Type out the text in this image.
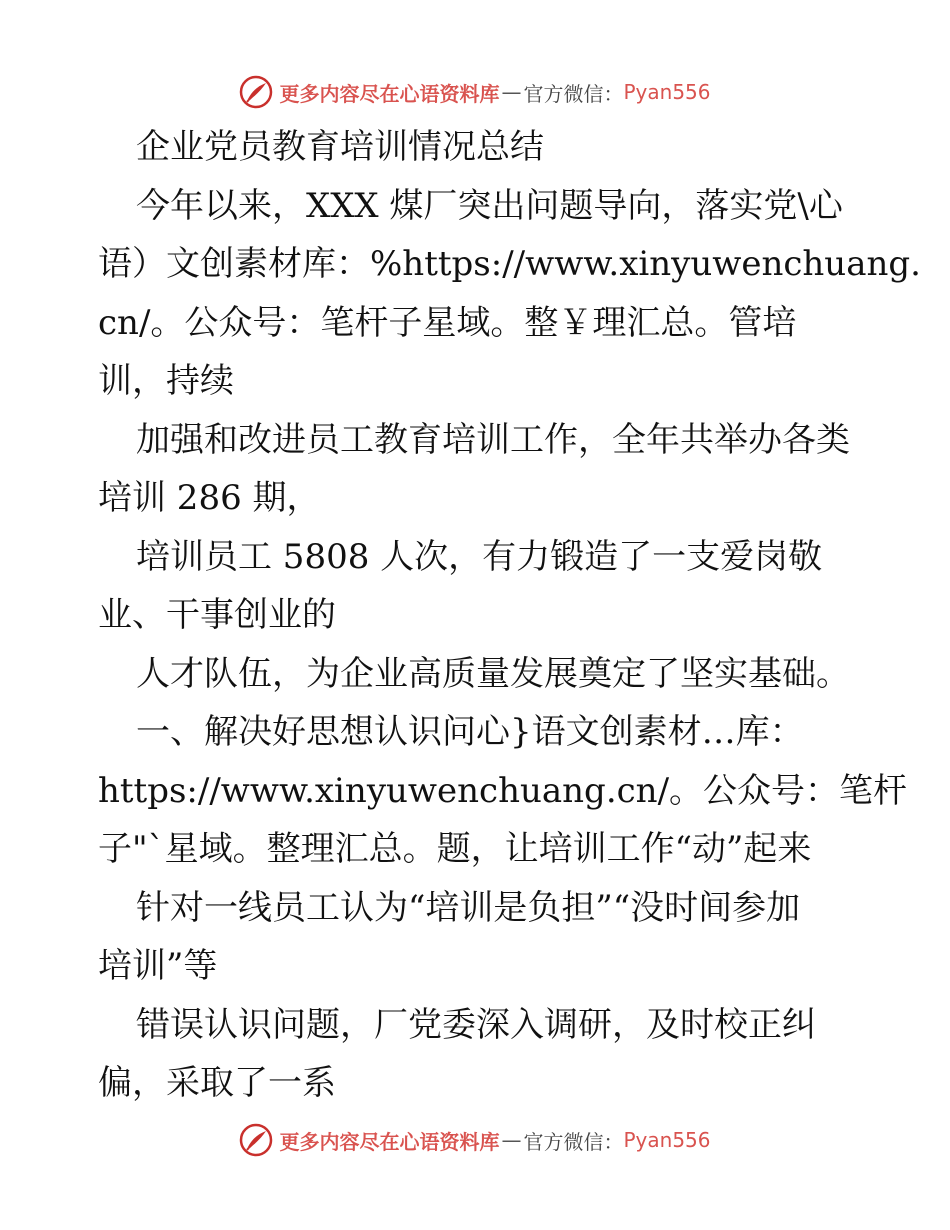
更多内容尽在心语资料库 — 官方微信： Pyan556
企业党员教育培训情况总结
今年以来，XXX 煤厂突出问题导向，落实党\心
语）文创素材库：%https://www.xinyuwenchuang.
cn/。公众号：笔杆子星域。整￥理汇总。管培
训，持续
加强和改进员工教育培训工作，全年共举办各类
培训 286 期，
培训员工 5808 人次，有力锻造了一支爱岗敬
业、干事创业的
人才队伍，为企业高质量发展奠定了坚实基础。
一、解决好思想认识问心}语文创素材…库：
https://www.xinyuwenchuang.cn/。公众号：笔杆
子"`星域。整理汇总。题，让培训工作“动”起来
针对一线员工认为“培训是负担”“没时间参加
培训”等
错误认识问题，厂党委深入调研，及时校正纠
偏，采取了一系
更多内容尽在心语资料库 — 官方微信： Pyan556
